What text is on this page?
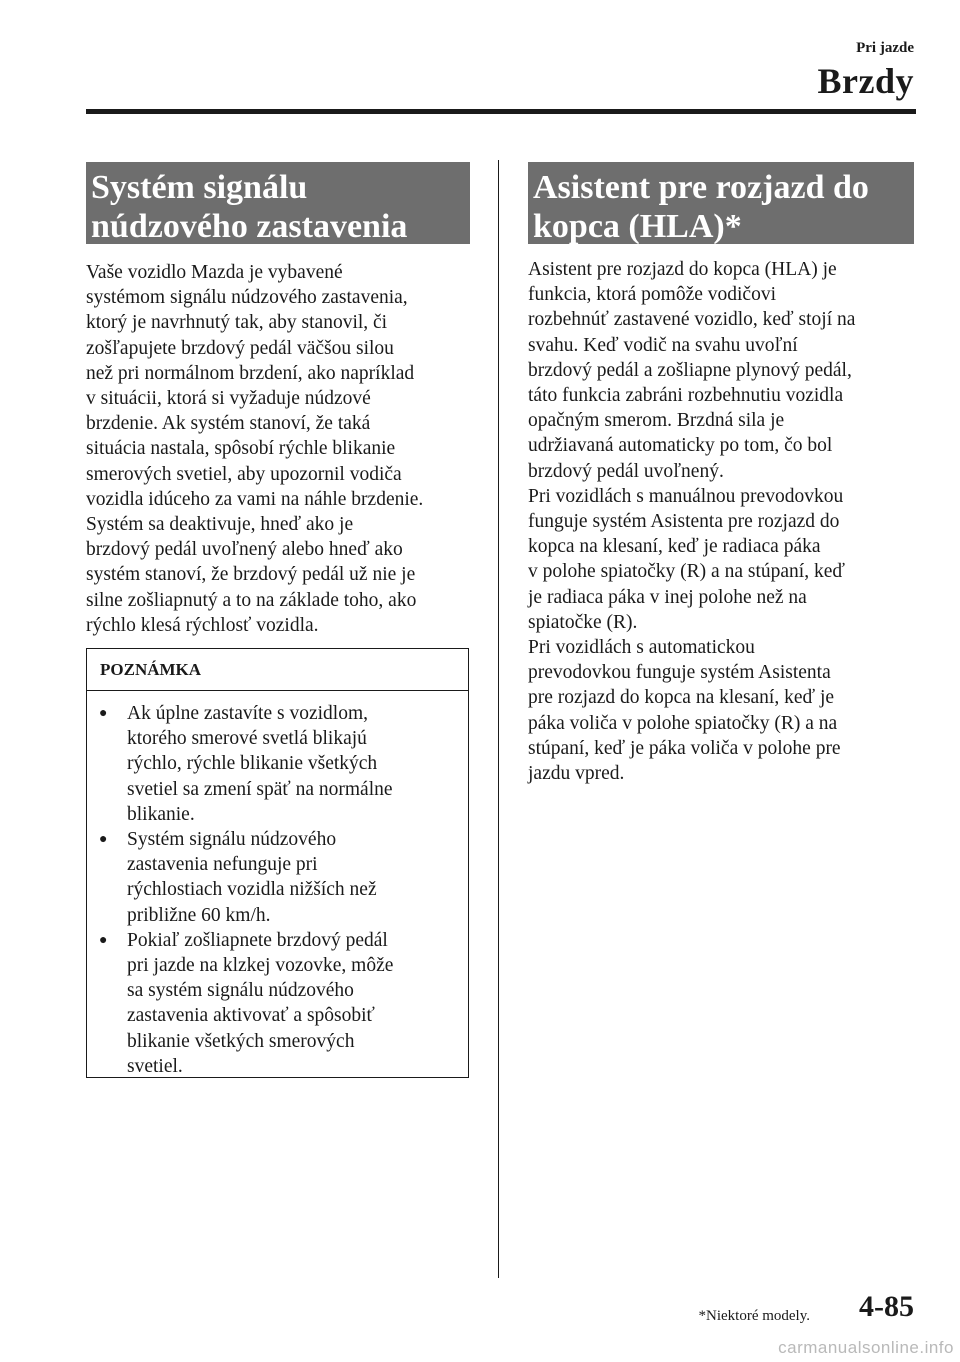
Pri jazde
Brzdy
Systém signálu núdzového zastavenia

Vaše vozidlo Mazda je vybavené
systémom signálu núdzového zastavenia,
ktorý je navrhnutý tak, aby stanovil, či
zošľapujete brzdový pedál väčšou silou
než pri normálnom brzdení, ako napríklad
v situácii, ktorá si vyžaduje núdzové
brzdenie. Ak systém stanoví, že taká
situácia nastala, spôsobí rýchle blikanie
smerových svetiel, aby upozornil vodiča
vozidla idúceho za vami na náhle brzdenie.
Systém sa deaktivuje, hneď ako je
brzdový pedál uvoľnený alebo hneď ako
systém stanoví, že brzdový pedál už nie je
silne zošliapnutý a to na základe toho, ako
rýchlo klesá rýchlosť vozidla.

POZNÁMKA
●	Ak úplne zastavíte s vozidlom,
ktorého smerové svetlá blikajú
rýchlo, rýchle blikanie všetkých
svetiel sa zmení späť na normálne
blikanie.
●	Systém signálu núdzového
zastavenia nefunguje pri
rýchlostiach vozidla nižších než
približne 60 km/h.
●	Pokiaľ zošliapnete brzdový pedál
pri jazde na klzkej vozovke, môže
sa systém signálu núdzového
zastavenia aktivovať a spôsobiť
blikanie všetkých smerových
svetiel.
Asistent pre rozjazd do kopca (HLA)*

Asistent pre rozjazd do kopca (HLA) je
funkcia, ktorá pomôže vodičovi
rozbehnúť zastavené vozidlo, keď stojí na
svahu. Keď vodič na svahu uvoľní
brzdový pedál a zošliapne plynový pedál,
táto funkcia zabráni rozbehnutiu vozidla
opačným smerom. Brzdná sila je
udržiavaná automaticky po tom, čo bol
brzdový pedál uvoľnený.
Pri vozidlách s manuálnou prevodovkou
funguje systém Asistenta pre rozjazd do
kopca na klesaní, keď je radiaca páka
v polohe spiatočky (R) a na stúpaní, keď
je radiaca páka v inej polohe než na
spiatočke (R).
Pri vozidlách s automatickou
prevodovkou funguje systém Asistenta
pre rozjazd do kopca na klesaní, keď je
páka voliča v polohe spiatočky (R) a na
stúpaní, keď je páka voliča v polohe pre
jazdu vpred.

*Niektoré modely. 4-85
carmanualsonline.info
